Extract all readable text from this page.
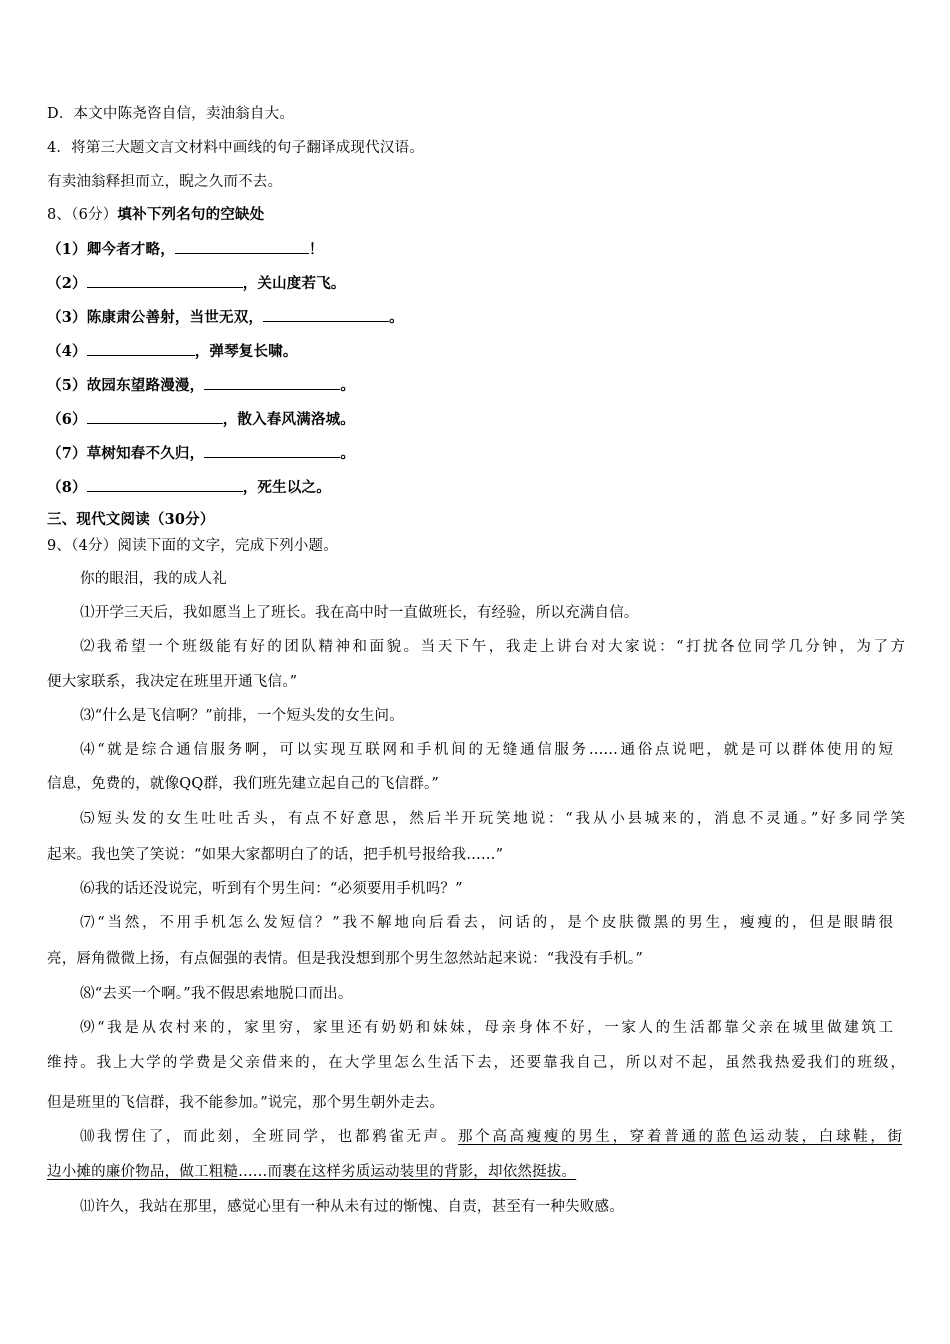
D．本文中陈尧咨自信，卖油翁自大。
4．将第三大题文言文材料中画线的句子翻译成现代汉语。
有卖油翁释担而立，睨之久而不去。
8、（6分）填补下列名句的空缺处
（1）卿今者才略，	！
（2）	，关山度若飞。
（3）陈康肃公善射，当世无双，	。
（4）	，弹琴复长啸。
（5）故园东望路漫漫，	。
（6）	，散入春风满洛城。
（7）草树知春不久归，	。
（8）	，死生以之。
三、现代文阅读（30分）
9、（4分）阅读下面的文字，完成下列小题。
你的眼泪，我的成人礼
⑴开学三天后，我如愿当上了班长。我在高中时一直做班长，有经验，所以充满自信。
⑵我希望一个班级能有好的团队精神和面貌。当天下午，我走上讲台对大家说：“打扰各位同学几分钟，为了方
便大家联系，我决定在班里开通飞信。”
⑶“什么是飞信啊？”前排，一个短头发的女生问。
⑷“就是综合通信服务啊，可以实现互联网和手机间的无缝通信服务……通俗点说吧，就是可以群体使用的短
信息，免费的，就像QQ群，我们班先建立起自己的飞信群。”
⑸短头发的女生吐吐舌头，有点不好意思，然后半开玩笑地说：“我从小县城来的，消息不灵通。”好多同学笑
起来。我也笑了笑说：“如果大家都明白了的话，把手机号报给我……”
⑹我的话还没说完，听到有个男生问：“必须要用手机吗？”
⑺“当然，不用手机怎么发短信？”我不解地向后看去，问话的，是个皮肤微黑的男生，瘦瘦的，但是眼睛很
亮，唇角微微上扬，有点倔强的表情。但是我没想到那个男生忽然站起来说：“我没有手机。”
⑻“去买一个啊。”我不假思索地脱口而出。
⑼“我是从农村来的，家里穷，家里还有奶奶和妹妹，母亲身体不好，一家人的生活都靠父亲在城里做建筑工
维持。我上大学的学费是父亲借来的，在大学里怎么生活下去，还要靠我自己，所以对不起，虽然我热爱我们的班级，
但是班里的飞信群，我不能参加。”说完，那个男生朝外走去。
⑽我愣住了，而此刻，全班同学，也都鸦雀无声。那个高高瘦瘦的男生，穿着普通的蓝色运动装，白球鞋，街
边小摊的廉价物品，做工粗糙……而裹在这样劣质运动装里的背影，却依然挺拔。
⑾许久，我站在那里，感觉心里有一种从未有过的惭愧、自责，甚至有一种失败感。
